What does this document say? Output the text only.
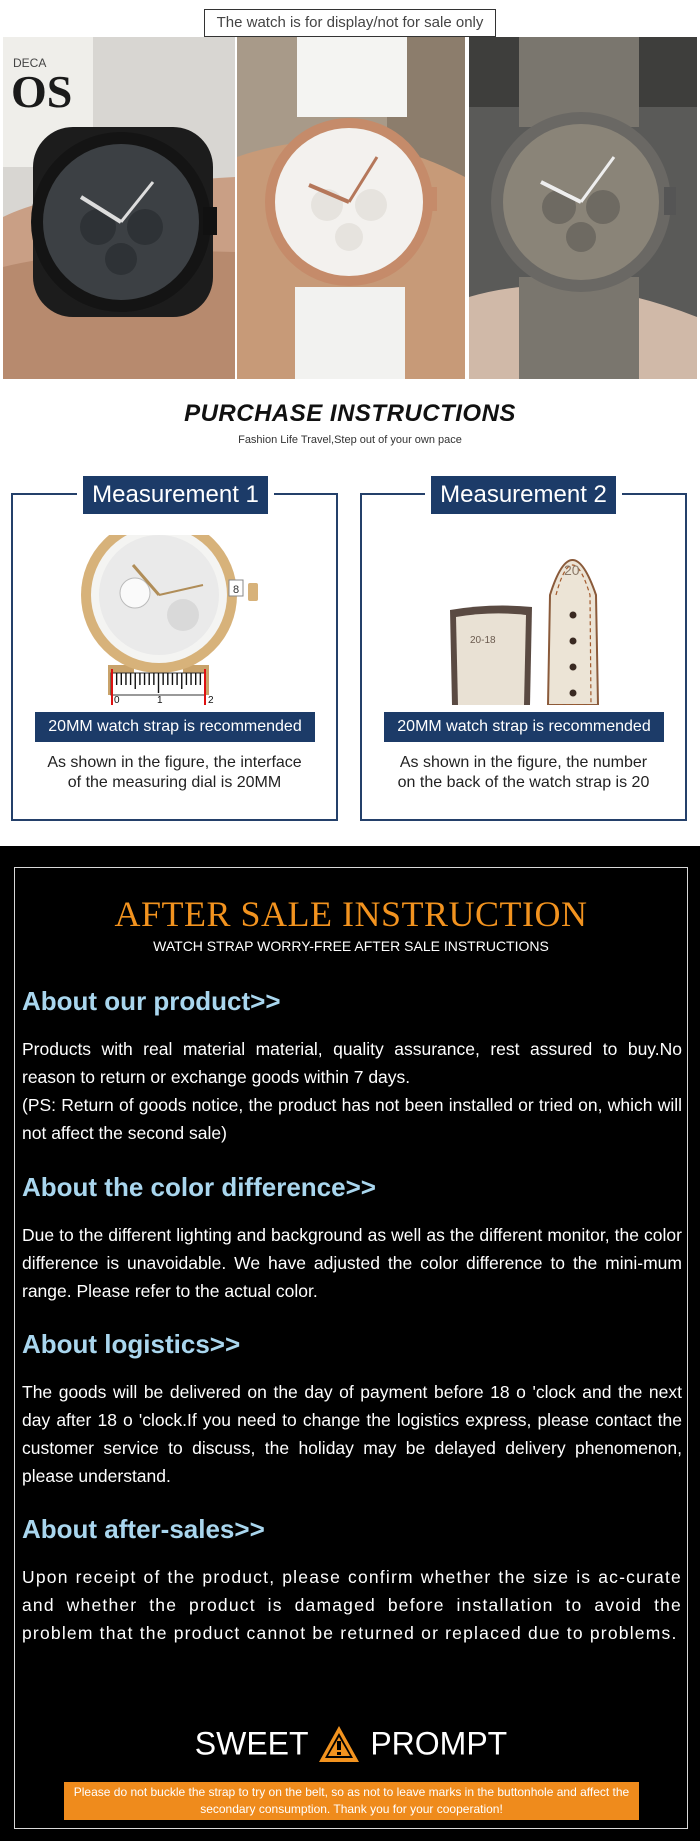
The watch is for display/not for sale only
OS
DECA
PURCHASE INSTRUCTIONS
Fashion Life Travel,Step out of your own pace
8
0	1	2
20MM watch strap is recommended
As shown in the figure, the interface
of the measuring dial is 20MM
Measurement 1
20-18
20
20MM watch strap is recommended
As shown in the figure, the number
on the back of the watch strap is 20
Measurement 2
AFTER SALE INSTRUCTION
WATCH STRAP WORRY-FREE AFTER SALE INSTRUCTIONS
About our product>>
Products with real material material, quality assurance, rest assured to buy.No reason to return or exchange goods within 7 days.
(PS: Return of goods notice, the product has not been installed or tried on, which will not affect the second sale)
About the color difference>>
Due to the different lighting and background as well as the different monitor, the color difference is unavoidable. We have adjusted the color difference to the mini-mum range. Please refer to the actual color.
About logistics>>
The goods will be delivered on the day of payment before 18 o 'clock and the next day after 18 o 'clock.If you need to change the logistics express, please contact the customer service to discuss, the holiday may be delayed delivery phenomenon, please understand.
About after-sales>>
Upon receipt of the product, please confirm whether the size is ac-curate and whether the product is damaged before installation to avoid the problem that the product cannot be returned or replaced due to problems.
SWEET PROMPT
Please do not buckle the strap to try on the belt, so as not to leave marks in the buttonhole and affect the secondary consumption. Thank you for your cooperation!
